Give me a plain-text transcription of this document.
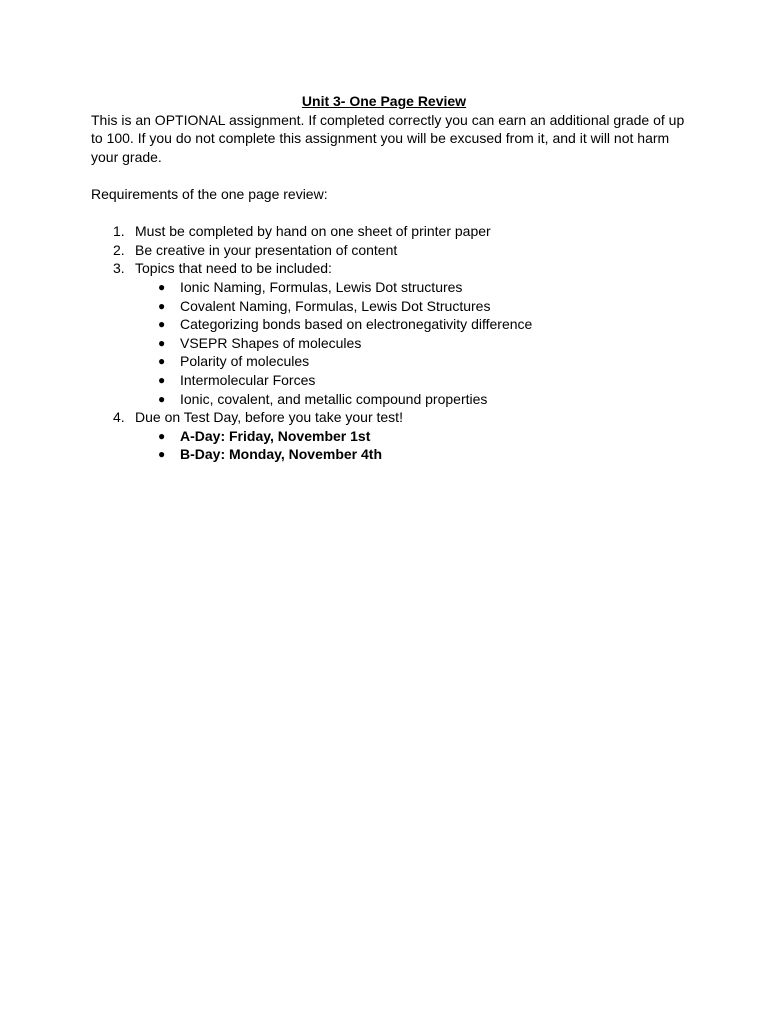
Unit 3- One Page Review

This is an OPTIONAL assignment. If completed correctly you can earn an additional grade of up to 100. If you do not complete this assignment you will be excused from it, and it will not harm your grade.

Requirements of the one page review:

1. Must be completed by hand on one sheet of printer paper
2. Be creative in your presentation of content
3. Topics that need to be included:
● Ionic Naming, Formulas, Lewis Dot structures
● Covalent Naming, Formulas, Lewis Dot Structures
● Categorizing bonds based on electronegativity difference
● VSEPR Shapes of molecules
● Polarity of molecules
● Intermolecular Forces
● Ionic, covalent, and metallic compound properties
4. Due on Test Day, before you take your test!
● A-Day: Friday, November 1st
● B-Day: Monday, November 4th
